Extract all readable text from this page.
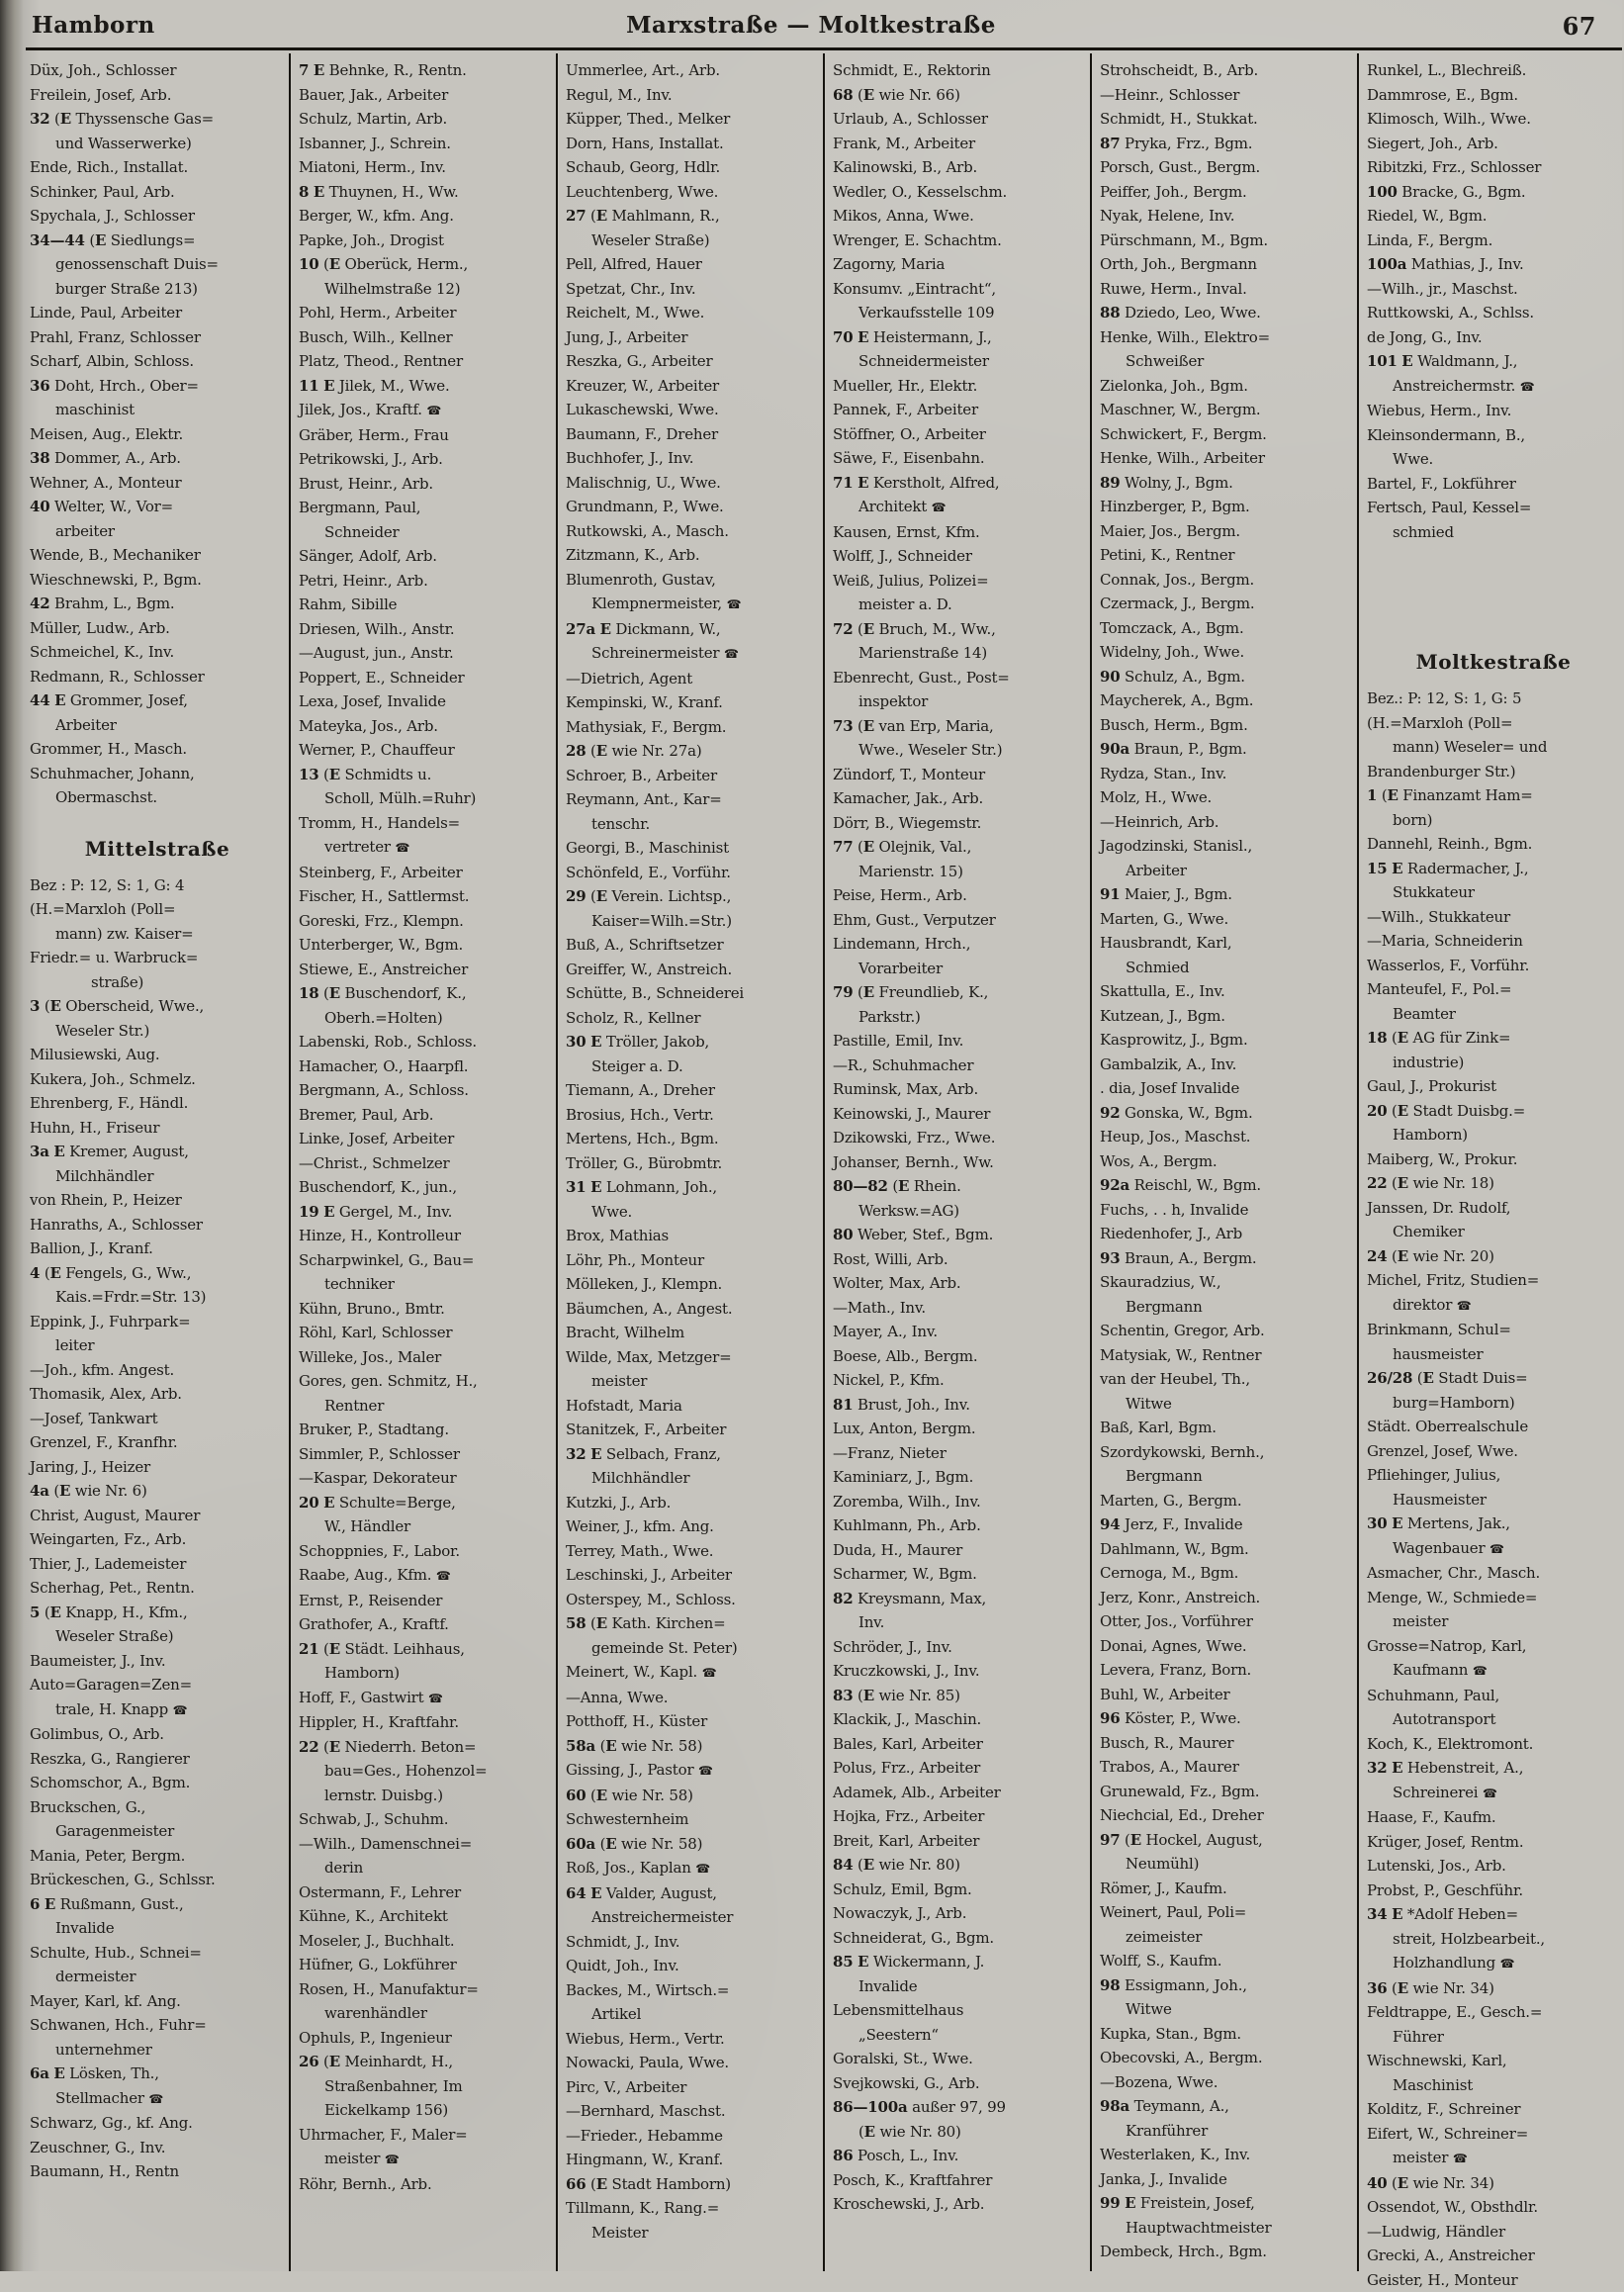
Hamborn	Marxstraße — Moltkestraße	67
Düx, Joh., Schlosser
Freilein, Josef, Arb.
32 (E Thyssensche Gas=
und Wasserwerke)
Ende, Rich., Installat.
Schinker, Paul, Arb.
Spychala, J., Schlosser
34—44 (E Siedlungs=
genossenschaft Duis=
burger Straße 213)
Linde, Paul, Arbeiter
Prahl, Franz, Schlosser
Scharf, Albin, Schloss.
36 Doht, Hrch., Ober=
maschinist
Meisen, Aug., Elektr.
38 Dommer, A., Arb.
Wehner, A., Monteur
40 Welter, W., Vor=
arbeiter
Wende, B., Mechaniker
Wieschnewski, P., Bgm.
42 Brahm, L., Bgm.
Müller, Ludw., Arb.
Schmeichel, K., Inv.
Redmann, R., Schlosser
44 E Grommer, Josef,
Arbeiter
Grommer, H., Masch.
Schuhmacher, Johann,
Obermaschst.
Mittelstraße
Bez : P: 12, S: 1, G: 4
(H.=Marxloh (Poll=
mann) zw. Kaiser=
Friedr.= u. Warbruck=
straße)
3 (E Oberscheid, Wwe.,
Weseler Str.)
Milusiewski, Aug.
Kukera, Joh., Schmelz.
Ehrenberg, F., Händl.
Huhn, H., Friseur
3a E Kremer, August,
Milchhändler
von Rhein, P., Heizer
Hanraths, A., Schlosser
Ballion, J., Kranf.
4 (E Fengels, G., Ww.,
Kais.=Frdr.=Str. 13)
Eppink, J., Fuhrpark=
leiter
—Joh., kfm. Angest.
Thomasik, Alex, Arb.
—Josef, Tankwart
Grenzel, F., Kranfhr.
Jaring, J., Heizer
4a (E wie Nr. 6)
Christ, August, Maurer
Weingarten, Fz., Arb.
Thier, J., Lademeister
Scherhag, Pet., Rentn.
5 (E Knapp, H., Kfm.,
Weseler Straße)
Baumeister, J., Inv.
Auto=Garagen=Zen=
trale, H. Knapp ☎
Golimbus, O., Arb.
Reszka, G., Rangierer
Schomschor, A., Bgm.
Bruckschen, G.,
Garagenmeister
Mania, Peter, Bergm.
Brückeschen, G., Schlssr.
6 E Rußmann, Gust.,
Invalide
Schulte, Hub., Schnei=
dermeister
Mayer, Karl, kf. Ang.
Schwanen, Hch., Fuhr=
unternehmer
6a E Lösken, Th.,
Stellmacher ☎
Schwarz, Gg., kf. Ang.
Zeuschner, G., Inv.
Baumann, H., Rentn
7 E Behnke, R., Rentn.
Bauer, Jak., Arbeiter
Schulz, Martin, Arb.
Isbanner, J., Schrein.
Miatoni, Herm., Inv.
8 E Thuynen, H., Ww.
Berger, W., kfm. Ang.
Papke, Joh., Drogist
10 (E Oberück, Herm.,
Wilhelmstraße 12)
Pohl, Herm., Arbeiter
Busch, Wilh., Kellner
Platz, Theod., Rentner
11 E Jilek, M., Wwe.
Jilek, Jos., Kraftf. ☎
Gräber, Herm., Frau
Petrikowski, J., Arb.
Brust, Heinr., Arb.
Bergmann, Paul,
Schneider
Sänger, Adolf, Arb.
Petri, Heinr., Arb.
Rahm, Sibille
Driesen, Wilh., Anstr.
—August, jun., Anstr.
Poppert, E., Schneider
Lexa, Josef, Invalide
Mateyka, Jos., Arb.
Werner, P., Chauffeur
13 (E Schmidts u.
Scholl, Mülh.=Ruhr)
Tromm, H., Handels=
vertreter ☎
Steinberg, F., Arbeiter
Fischer, H., Sattlermst.
Goreski, Frz., Klempn.
Unterberger, W., Bgm.
Stiewe, E., Anstreicher
18 (E Buschendorf, K.,
Oberh.=Holten)
Labenski, Rob., Schloss.
Hamacher, O., Haarpfl.
Bergmann, A., Schloss.
Bremer, Paul, Arb.
Linke, Josef, Arbeiter
—Christ., Schmelzer
Buschendorf, K., jun.,
19 E Gergel, M., Inv.
Hinze, H., Kontrolleur
Scharpwinkel, G., Bau=
techniker
Kühn, Bruno., Bmtr.
Röhl, Karl, Schlosser
Willeke, Jos., Maler
Gores, gen. Schmitz, H.,
Rentner
Bruker, P., Stadtang.
Simmler, P., Schlosser
—Kaspar, Dekorateur
20 E Schulte=Berge,
W., Händler
Schoppnies, F., Labor.
Raabe, Aug., Kfm. ☎
Ernst, P., Reisender
Grathofer, A., Kraftf.
21 (E Städt. Leihhaus,
Hamborn)
Hoff, F., Gastwirt ☎
Hippler, H., Kraftfahr.
22 (E Niederrh. Beton=
bau=Ges., Hohenzol=
lernstr. Duisbg.)
Schwab, J., Schuhm.
—Wilh., Damenschnei=
derin
Ostermann, F., Lehrer
Kühne, K., Architekt
Moseler, J., Buchhalt.
Hüfner, G., Lokführer
Rosen, H., Manufaktur=
warenhändler
Ophuls, P., Ingenieur
26 (E Meinhardt, H.,
Straßenbahner, Im
Eickelkamp 156)
Uhrmacher, F., Maler=
meister ☎
Röhr, Bernh., Arb.
Ummerlee, Art., Arb.
Regul, M., Inv.
Küpper, Thed., Melker
Dorn, Hans, Installat.
Schaub, Georg, Hdlr.
Leuchtenberg, Wwe.
27 (E Mahlmann, R.,
Weseler Straße)
Pell, Alfred, Hauer
Spetzat, Chr., Inv.
Reichelt, M., Wwe.
Jung, J., Arbeiter
Reszka, G., Arbeiter
Kreuzer, W., Arbeiter
Lukaschewski, Wwe.
Baumann, F., Dreher
Buchhofer, J., Inv.
Malischnig, U., Wwe.
Grundmann, P., Wwe.
Rutkowski, A., Masch.
Zitzmann, K., Arb.
Blumenroth, Gustav,
Klempnermeister, ☎
27a E Dickmann, W.,
Schreinermeister ☎
—Dietrich, Agent
Kempinski, W., Kranf.
Mathysiak, F., Bergm.
28 (E wie Nr. 27a)
Schroer, B., Arbeiter
Reymann, Ant., Kar=
tenschr.
Georgi, B., Maschinist
Schönfeld, E., Vorführ.
29 (E Verein. Lichtsp.,
Kaiser=Wilh.=Str.)
Buß, A., Schriftsetzer
Greiffer, W., Anstreich.
Schütte, B., Schneiderei
Scholz, R., Kellner
30 E Tröller, Jakob,
Steiger a. D.
Tiemann, A., Dreher
Brosius, Hch., Vertr.
Mertens, Hch., Bgm.
Tröller, G., Bürobmtr.
31 E Lohmann, Joh.,
Wwe.
Brox, Mathias
Löhr, Ph., Monteur
Mölleken, J., Klempn.
Bäumchen, A., Angest.
Bracht, Wilhelm
Wilde, Max, Metzger=
meister
Hofstadt, Maria
Stanitzek, F., Arbeiter
32 E Selbach, Franz,
Milchhändler
Kutzki, J., Arb.
Weiner, J., kfm. Ang.
Terrey, Math., Wwe.
Leschinski, J., Arbeiter
Osterspey, M., Schloss.
58 (E Kath. Kirchen=
gemeinde St. Peter)
Meinert, W., Kapl. ☎
—Anna, Wwe.
Potthoff, H., Küster
58a (E wie Nr. 58)
Gissing, J., Pastor ☎
60 (E wie Nr. 58)
Schwesternheim
60a (E wie Nr. 58)
Roß, Jos., Kaplan ☎
64 E Valder, August,
Anstreichermeister
Schmidt, J., Inv.
Quidt, Joh., Inv.
Backes, M., Wirtsch.=
Artikel
Wiebus, Herm., Vertr.
Nowacki, Paula, Wwe.
Pirc, V., Arbeiter
—Bernhard, Maschst.
—Frieder., Hebamme
Hingmann, W., Kranf.
66 (E Stadt Hamborn)
Tillmann, K., Rang.=
Meister
Schmidt, E., Rektorin
68 (E wie Nr. 66)
Urlaub, A., Schlosser
Frank, M., Arbeiter
Kalinowski, B., Arb.
Wedler, O., Kesselschm.
Mikos, Anna, Wwe.
Wrenger, E. Schachtm.
Zagorny, Maria
Konsumv. „Eintracht“,
Verkaufsstelle 109
70 E Heistermann, J.,
Schneidermeister
Mueller, Hr., Elektr.
Pannek, F., Arbeiter
Stöffner, O., Arbeiter
Säwe, F., Eisenbahn.
71 E Kerstholt, Alfred,
Architekt ☎
Kausen, Ernst, Kfm.
Wolff, J., Schneider
Weiß, Julius, Polizei=
meister a. D.
72 (E Bruch, M., Ww.,
Marienstraße 14)
Ebenrecht, Gust., Post=
inspektor
73 (E van Erp, Maria,
Wwe., Weseler Str.)
Zündorf, T., Monteur
Kamacher, Jak., Arb.
Dörr, B., Wiegemstr.
77 (E Olejnik, Val.,
Marienstr. 15)
Peise, Herm., Arb.
Ehm, Gust., Verputzer
Lindemann, Hrch.,
Vorarbeiter
79 (E Freundlieb, K.,
Parkstr.)
Pastille, Emil, Inv.
—R., Schuhmacher
Ruminsk, Max, Arb.
Keinowski, J., Maurer
Dzikowski, Frz., Wwe.
Johanser, Bernh., Ww.
80—82 (E Rhein.
Werksw.=AG)
80 Weber, Stef., Bgm.
Rost, Willi, Arb.
Wolter, Max, Arb.
—Math., Inv.
Mayer, A., Inv.
Boese, Alb., Bergm.
Nickel, P., Kfm.
81 Brust, Joh., Inv.
Lux, Anton, Bergm.
—Franz, Nieter
Kaminiarz, J., Bgm.
Zoremba, Wilh., Inv.
Kuhlmann, Ph., Arb.
Duda, H., Maurer
Scharmer, W., Bgm.
82 Kreysmann, Max,
Inv.
Schröder, J., Inv.
Kruczkowski, J., Inv.
83 (E wie Nr. 85)
Klackik, J., Maschin.
Bales, Karl, Arbeiter
Polus, Frz., Arbeiter
Adamek, Alb., Arbeiter
Hojka, Frz., Arbeiter
Breit, Karl, Arbeiter
84 (E wie Nr. 80)
Schulz, Emil, Bgm.
Nowaczyk, J., Arb.
Schneiderat, G., Bgm.
85 E Wickermann, J.
Invalide
Lebensmittelhaus
„Seestern“
Goralski, St., Wwe.
Svejkowski, G., Arb.
86—100a außer 97, 99
(E wie Nr. 80)
86 Posch, L., Inv.
Posch, K., Kraftfahrer
Kroschewski, J., Arb.
Strohscheidt, B., Arb.
—Heinr., Schlosser
Schmidt, H., Stukkat.
87 Pryka, Frz., Bgm.
Porsch, Gust., Bergm.
Peiffer, Joh., Bergm.
Nyak, Helene, Inv.
Pürschmann, M., Bgm.
Orth, Joh., Bergmann
Ruwe, Herm., Inval.
88 Dziedo, Leo, Wwe.
Henke, Wilh., Elektro=
Schweißer
Zielonka, Joh., Bgm.
Maschner, W., Bergm.
Schwickert, F., Bergm.
Henke, Wilh., Arbeiter
89 Wolny, J., Bgm.
Hinzberger, P., Bgm.
Maier, Jos., Bergm.
Petini, K., Rentner
Connak, Jos., Bergm.
Czermack, J., Bergm.
Tomczack, A., Bgm.
Widelny, Joh., Wwe.
90 Schulz, A., Bgm.
Maycherek, A., Bgm.
Busch, Herm., Bgm.
90a Braun, P., Bgm.
Rydza, Stan., Inv.
Molz, H., Wwe.
—Heinrich, Arb.
Jagodzinski, Stanisl.,
Arbeiter
91 Maier, J., Bgm.
Marten, G., Wwe.
Hausbrandt, Karl,
Schmied
Skattulla, E., Inv.
Kutzean, J., Bgm.
Kasprowitz, J., Bgm.
Gambalzik, A., Inv.
. dia, Josef Invalide
92 Gonska, W., Bgm.
Heup, Jos., Maschst.
Wos, A., Bergm.
92a Reischl, W., Bgm.
Fuchs, . . h, Invalide
Riedenhofer, J., Arb
93 Braun, A., Bergm.
Skauradzius, W.,
Bergmann
Schentin, Gregor, Arb.
Matysiak, W., Rentner
van der Heubel, Th.,
Witwe
Baß, Karl, Bgm.
Szordykowski, Bernh.,
Bergmann
Marten, G., Bergm.
94 Jerz, F., Invalide
Dahlmann, W., Bgm.
Cernoga, M., Bgm.
Jerz, Konr., Anstreich.
Otter, Jos., Vorführer
Donai, Agnes, Wwe.
Levera, Franz, Born.
Buhl, W., Arbeiter
96 Köster, P., Wwe.
Busch, R., Maurer
Trabos, A., Maurer
Grunewald, Fz., Bgm.
Niechcial, Ed., Dreher
97 (E Hockel, August,
Neumühl)
Römer, J., Kaufm.
Weinert, Paul, Poli=
zeimeister
Wolff, S., Kaufm.
98 Essigmann, Joh.,
Witwe
Kupka, Stan., Bgm.
Obecovski, A., Bergm.
—Bozena, Wwe.
98a Teymann, A.,
Kranführer
Westerlaken, K., Inv.
Janka, J., Invalide
99 E Freistein, Josef,
Hauptwachtmeister
Dembeck, Hrch., Bgm.
Runkel, L., Blechreiß.
Dammrose, E., Bgm.
Klimosch, Wilh., Wwe.
Siegert, Joh., Arb.
Ribitzki, Frz., Schlosser
100 Bracke, G., Bgm.
Riedel, W., Bgm.
Linda, F., Bergm.
100a Mathias, J., Inv.
—Wilh., jr., Maschst.
Ruttkowski, A., Schlss.
de Jong, G., Inv.
101 E Waldmann, J.,
Anstreichermstr. ☎
Wiebus, Herm., Inv.
Kleinsondermann, B.,
Wwe.
Bartel, F., Lokführer
Fertsch, Paul, Kessel=
schmied
Moltkestraße
Bez.: P: 12, S: 1, G: 5
(H.=Marxloh (Poll=
mann) Weseler= und
Brandenburger Str.)
1 (E Finanzamt Ham=
born)
Dannehl, Reinh., Bgm.
15 E Radermacher, J.,
Stukkateur
—Wilh., Stukkateur
—Maria, Schneiderin
Wasserlos, F., Vorführ.
Manteufel, F., Pol.=
Beamter
18 (E AG für Zink=
industrie)
Gaul, J., Prokurist
20 (E Stadt Duisbg.=
Hamborn)
Maiberg, W., Prokur.
22 (E wie Nr. 18)
Janssen, Dr. Rudolf,
Chemiker
24 (E wie Nr. 20)
Michel, Fritz, Studien=
direktor ☎
Brinkmann, Schul=
hausmeister
26/28 (E Stadt Duis=
burg=Hamborn)
Städt. Oberrealschule
Grenzel, Josef, Wwe.
Pfliehinger, Julius,
Hausmeister
30 E Mertens, Jak.,
Wagenbauer ☎
Asmacher, Chr., Masch.
Menge, W., Schmiede=
meister
Grosse=Natrop, Karl,
Kaufmann ☎
Schuhmann, Paul,
Autotransport
Koch, K., Elektromont.
32 E Hebenstreit, A.,
Schreinerei ☎
Haase, F., Kaufm.
Krüger, Josef, Rentm.
Lutenski, Jos., Arb.
Probst, P., Geschführ.
34 E *Adolf Heben=
streit, Holzbearbeit.,
Holzhandlung ☎
36 (E wie Nr. 34)
Feldtrappe, E., Gesch.=
Führer
Wischnewski, Karl,
Maschinist
Kolditz, F., Schreiner
Eifert, W., Schreiner=
meister ☎
40 (E wie Nr. 34)
Ossendot, W., Obsthdlr.
—Ludwig, Händler
Grecki, A., Anstreicher
Geister, H., Monteur
